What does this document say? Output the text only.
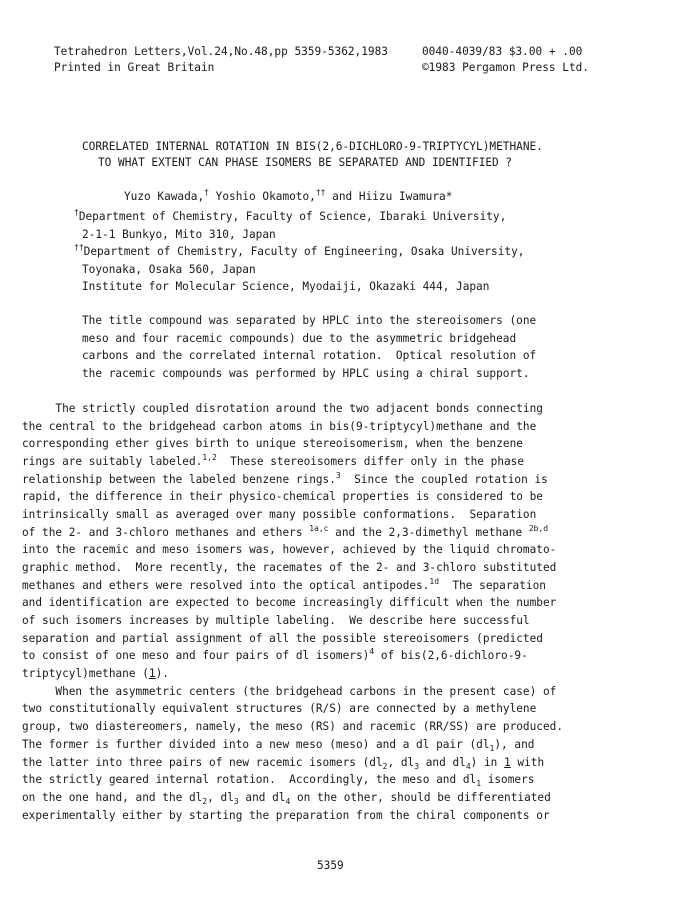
Tetrahedron Letters,Vol.24,No.48,pp 5359-5362,1983	0040-4039/83 $3.00 + .00
Printed in Great Britain	©1983 Pergamon Press Ltd.
CORRELATED INTERNAL ROTATION IN BIS(2,6-DICHLORO-9-TRIPTYCYL)METHANE.
TO WHAT EXTENT CAN PHASE ISOMERS BE SEPARATED AND IDENTIFIED ?
Yuzo Kawada,† Yoshio Okamoto,†† and Hiizu Iwamura*
†Department of Chemistry, Faculty of Science, Ibaraki University,
2-1-1 Bunkyo, Mito 310, Japan
††Department of Chemistry, Faculty of Engineering, Osaka University,
Toyonaka, Osaka 560, Japan
Institute for Molecular Science, Myodaiji, Okazaki 444, Japan
The title compound was separated by HPLC into the stereoisomers (one
meso and four racemic compounds) due to the asymmetric bridgehead
carbons and the correlated internal rotation.  Optical resolution of
the racemic compounds was performed by HPLC using a chiral support.
The strictly coupled disrotation around the two adjacent bonds connecting
the central to the bridgehead carbon atoms in bis(9-triptycyl)methane and the
corresponding ether gives birth to unique stereoisomerism, when the benzene
rings are suitably labeled.$^{1,2}$  These stereoisomers differ only in the phase
relationship between the labeled benzene rings.$^3$  Since the coupled rotation is
rapid, the difference in their physico-chemical properties is considered to be
intrinsically small as averaged over many possible conformations.  Separation
of the 2- and 3-chloro methanes and ethers $^{1a,c}$ and the 2,3-dimethyl methane $^{2b,d}$
into the racemic and meso isomers was, however, achieved by the liquid chromato-
graphic method.  More recently, the racemates of the 2- and 3-chloro substituted
methanes and ethers were resolved into the optical antipodes.$^{1d}$  The separation
and identification are expected to become increasingly difficult when the number
of such isomers increases by multiple labeling.  We describe here successful
separation and partial assignment of all the possible stereoisomers (predicted
to consist of one meso and four pairs of dl isomers)$^4$ of bis(2,6-dichloro-9-
triptycyl)methane (1).
When the asymmetric centers (the bridgehead carbons in the present case) of
two constitutionally equivalent structures (R/S) are connected by a methylene
group, two diastereomers, namely, the meso (RS) and racemic (RR/SS) are produced.
The former is further divided into a new meso (meso) and a dl pair $(dl_1)$, and
the latter into three pairs of new racemic isomers ($dl_2$, $dl_3$ and $dl_4$) in 1 with
the strictly geared internal rotation.  Accordingly, the meso and $dl_1$ isomers
on the one hand, and the $dl_2$, $dl_3$ and $dl_4$ on the other, should be differentiated
experimentally either by starting the preparation from the chiral components or
5359
